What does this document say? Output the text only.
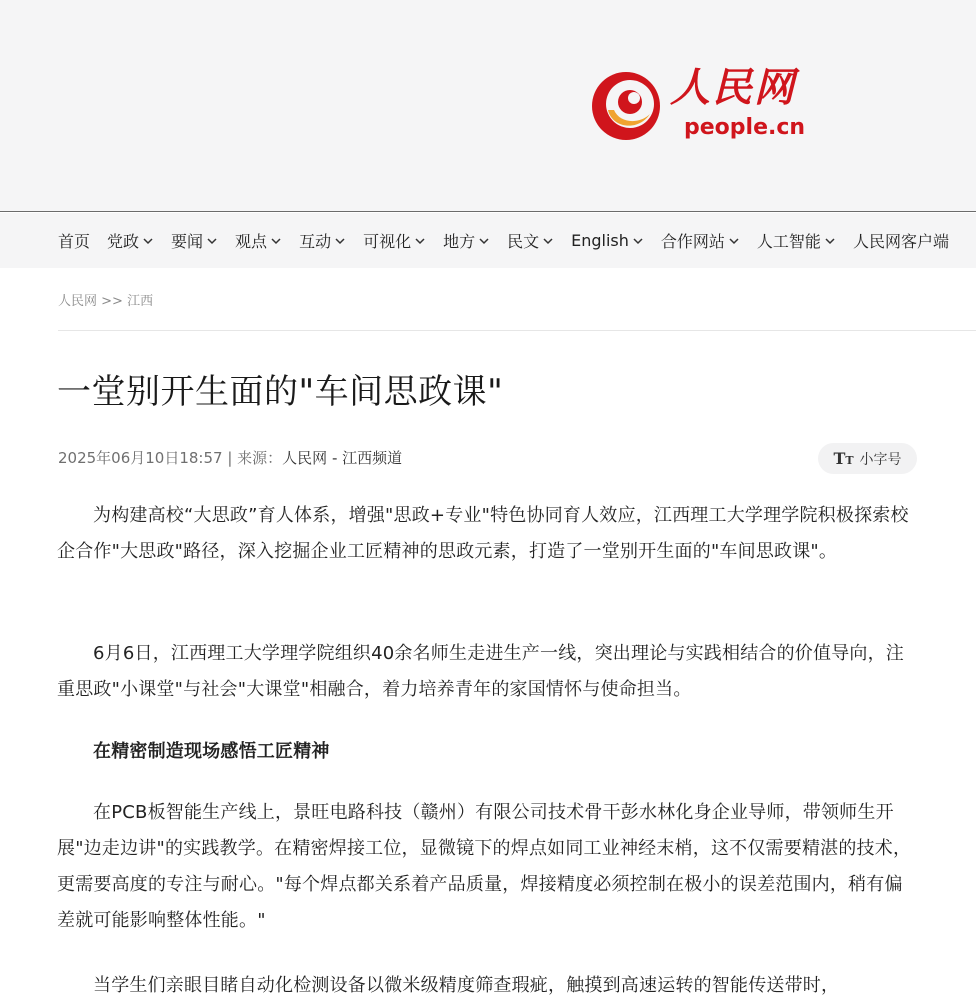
人民网
people.cn
首页 党政 要闻 观点 互动 可视化 地方 民文 English 合作网站 人工智能 人民网客户端
人民网 >> 江西
一堂别开生面的"车间思政课"
2025年06月10日18:57 | 来源：人民网 - 江西频道	TT 小字号

为构建高校“大思政”育人体系，增强"思政+专业"特色协同育人效应，江西理工大学理学院积极探索校企合作"大思政"路径，深入挖掘企业工匠精神的思政元素，打造了一堂别开生面的"车间思政课"。

6月6日，江西理工大学理学院组织40余名师生走进生产一线，突出理论与实践相结合的价值导向，注重思政"小课堂"与社会"大课堂"相融合，着力培养青年的家国情怀与使命担当。

在精密制造现场感悟工匠精神

在PCB板智能生产线上，景旺电路科技（赣州）有限公司技术骨干彭水林化身企业导师，带领师生开展"边走边讲"的实践教学。在精密焊接工位，显微镜下的焊点如同工业神经末梢，这不仅需要精湛的技术，更需要高度的专注与耐心。"每个焊点都关系着产品质量，焊接精度必须控制在极小的误差范围内，稍有偏差就可能影响整体性能。"

当学生们亲眼目睹自动化检测设备以微米级精度筛查瑕疵，触摸到高速运转的智能传送带时，
